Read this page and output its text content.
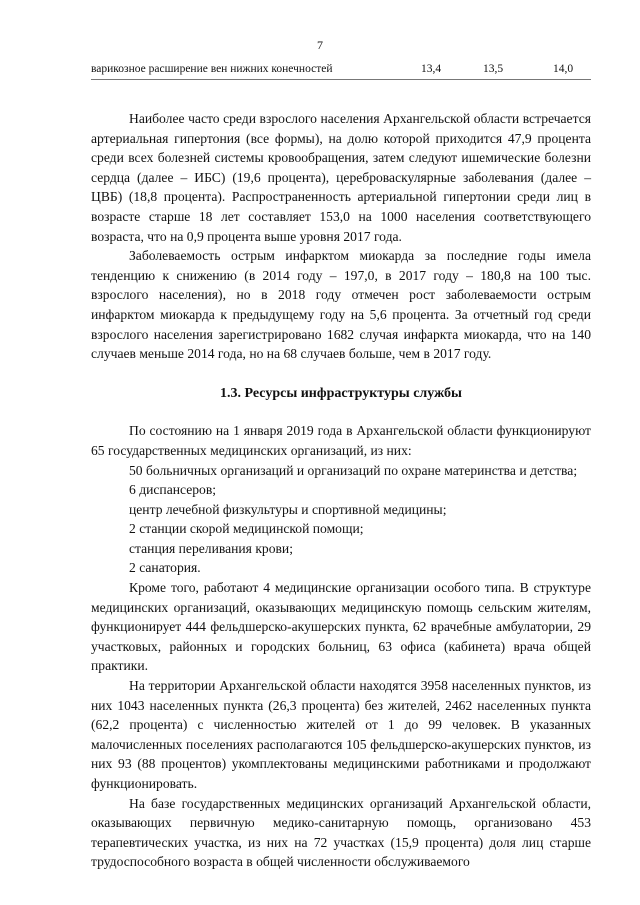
7
варикозное расширение вен нижних конечностей	13,4	13,5	14,0

Наиболее часто среди взрослого населения Архангельской области встречается артериальная гипертония (все формы), на долю которой приходится 47,9 процента среди всех болезней системы кровообращения, затем следуют ишемические болезни сердца (далее – ИБС) (19,6 процента), цереброваскулярные заболевания (далее – ЦВБ) (18,8 процента). Распространенность артериальной гипертонии среди лиц в возрасте старше 18 лет составляет 153,0 на 1000 населения соответствующего возраста, что на 0,9 процента выше уровня 2017 года.

Заболеваемость острым инфарктом миокарда за последние годы имела тенденцию к снижению (в 2014 году – 197,0, в 2017 году – 180,8 на 100 тыс. взрослого населения), но в 2018 году отмечен рост заболеваемости острым инфарктом миокарда к предыдущему году на 5,6 процента. За отчетный год среди взрослого населения зарегистрировано 1682 случая инфаркта миокарда, что на 140 случаев меньше 2014 года, но на 68 случаев больше, чем в 2017 году.

1.3. Ресурсы инфраструктуры службы

По состоянию на 1 января 2019 года в Архангельской области функционируют 65 государственных медицинских организаций, из них:

50 больничных организаций и организаций по охране материнства и детства;

6 диспансеров;

центр лечебной физкультуры и спортивной медицины;

2 станции скорой медицинской помощи;

станция переливания крови;

2 санатория.

Кроме того, работают 4 медицинские организации особого типа. В структуре медицинских организаций, оказывающих медицинскую помощь сельским жителям, функционирует 444 фельдшерско-акушерских пункта, 62 врачебные амбулатории, 29 участковых, районных и городских больниц, 63 офиса (кабинета) врача общей практики.

На территории Архангельской области находятся 3958 населенных пунктов, из них 1043 населенных пункта (26,3 процента) без жителей, 2462 населенных пункта (62,2 процента) с численностью жителей от 1 до 99 человек. В указанных малочисленных поселениях располагаются 105 фельдшерско-акушерских пунктов, из них 93 (88 процентов) укомплектованы медицинскими работниками и продолжают функционировать.

На базе государственных медицинских организаций Архангельской области, оказывающих первичную медико-санитарную помощь, организовано 453 терапевтических участка, из них на 72 участках (15,9 процента) доля лиц старше трудоспособного возраста в общей численности обслуживаемого
